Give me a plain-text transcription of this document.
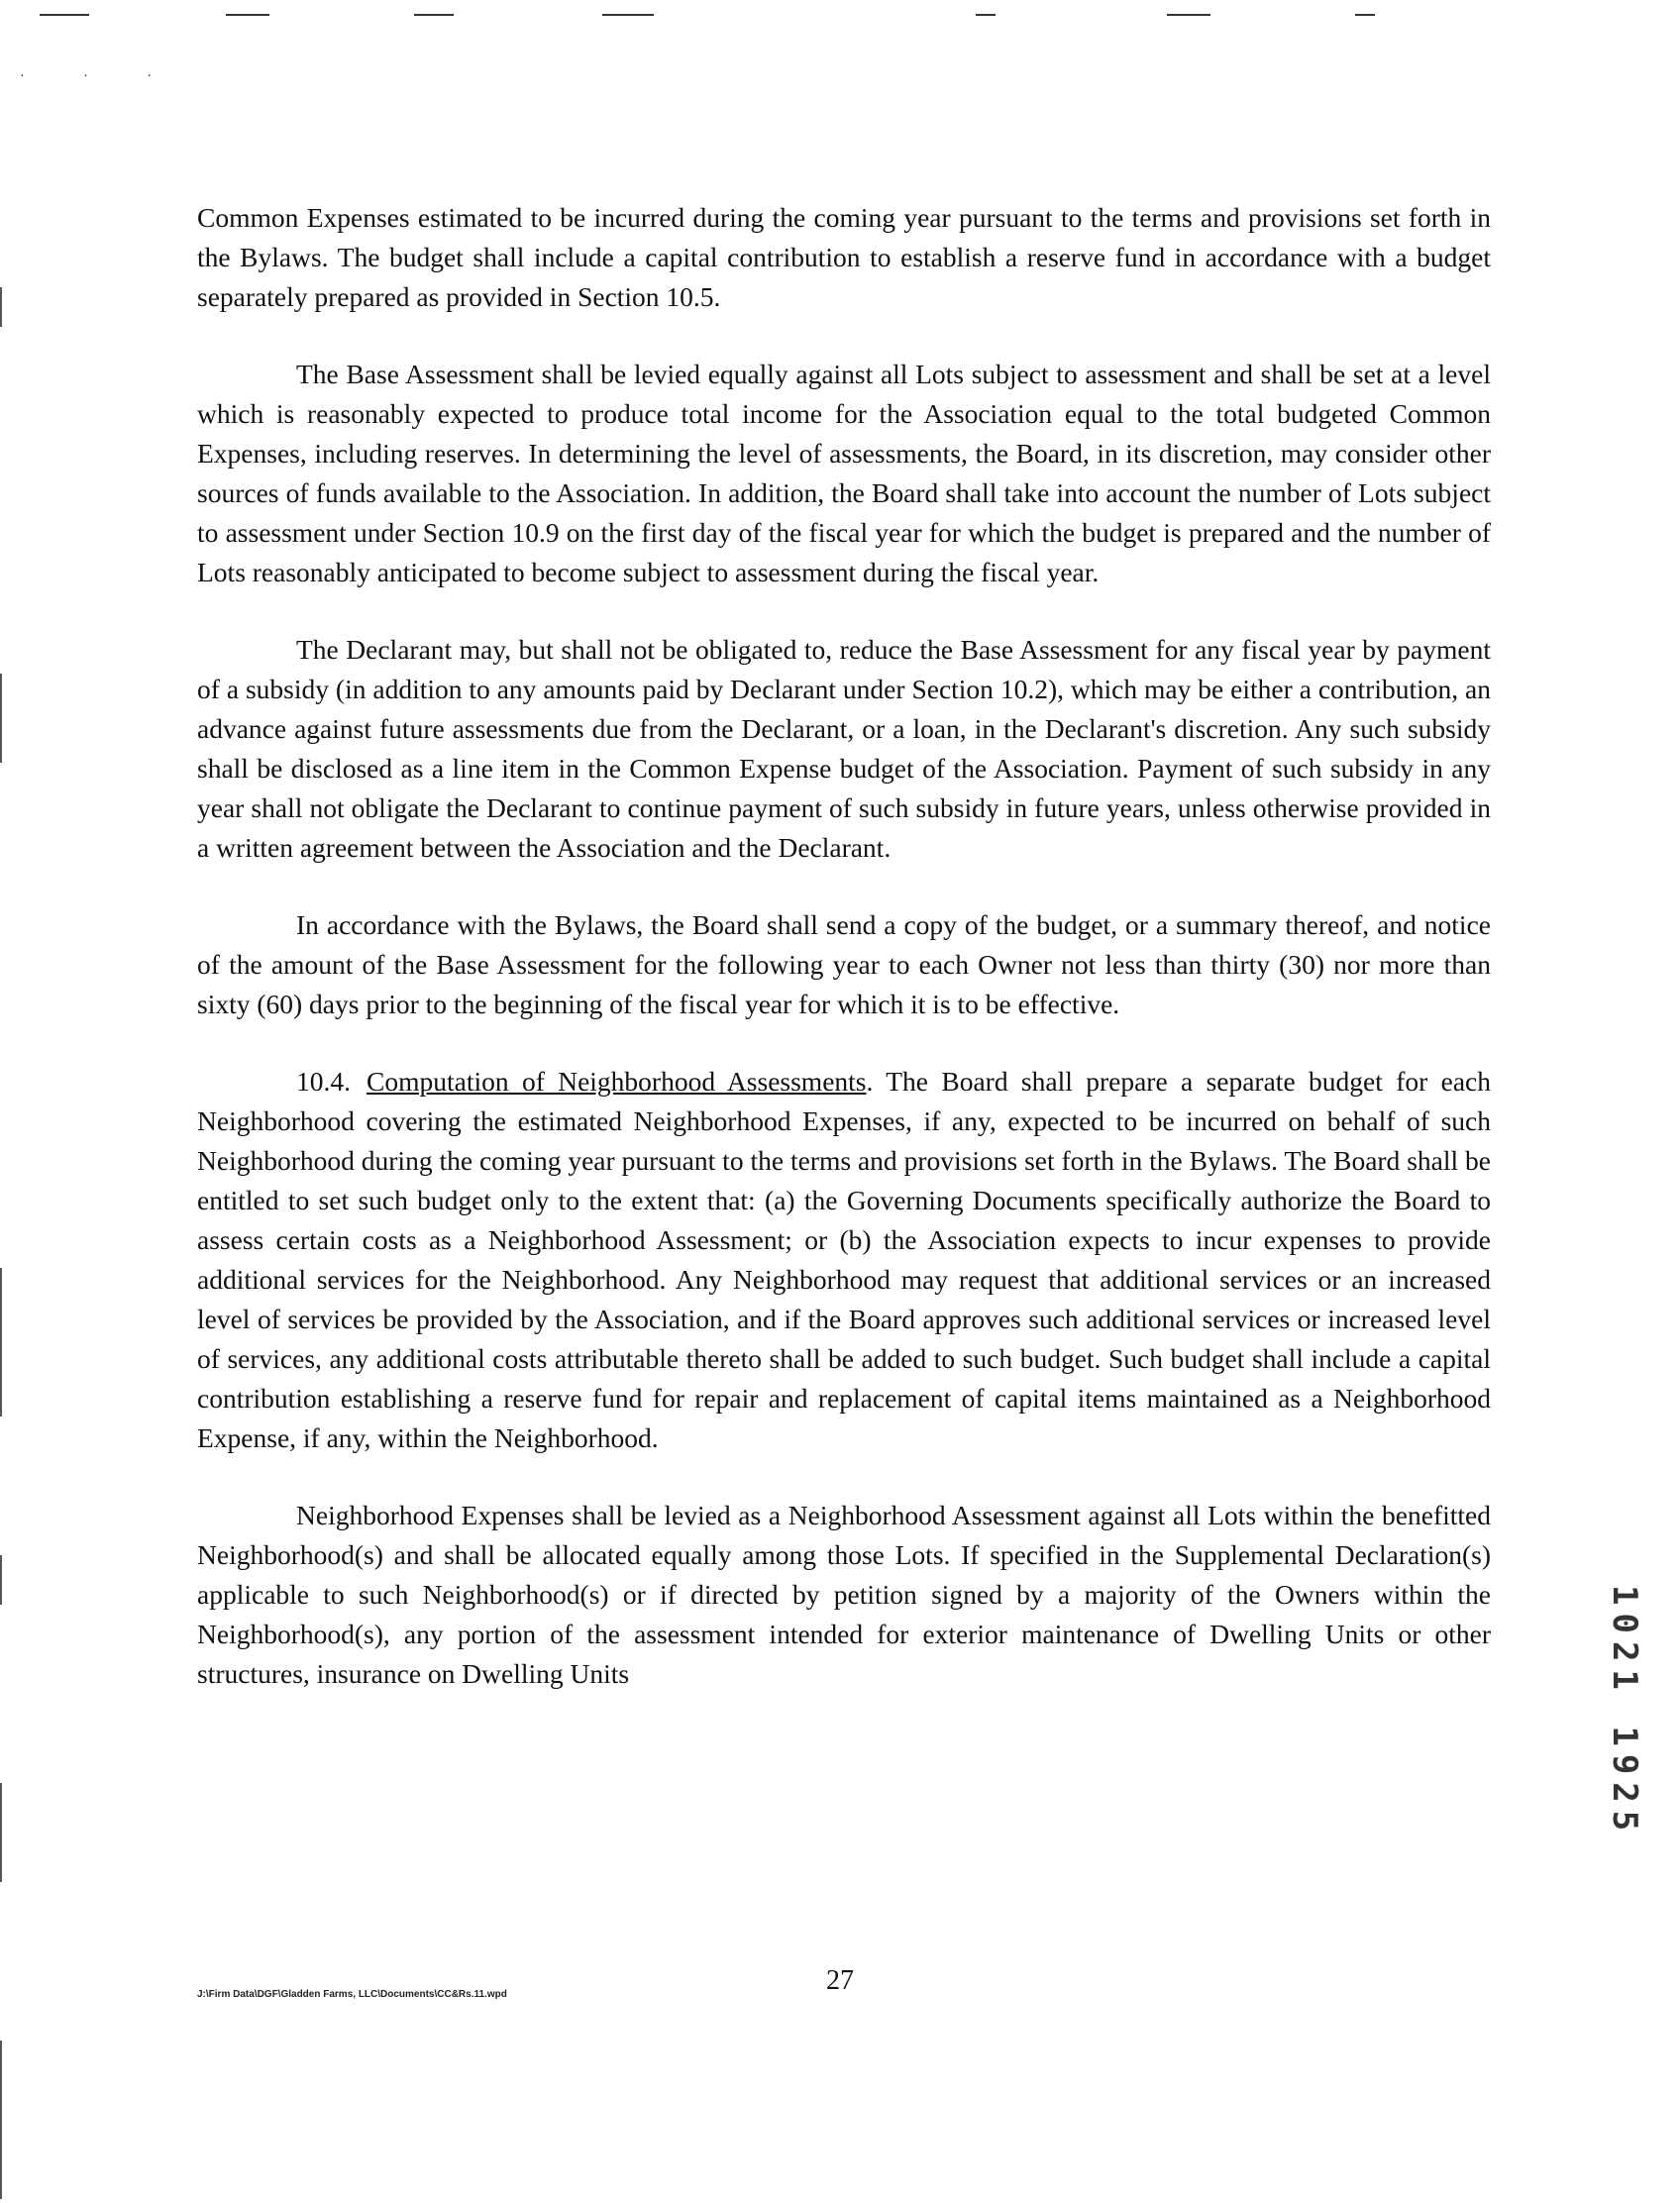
· · ·

Common Expenses estimated to be incurred during the coming year pursuant to the terms and provisions set forth in the Bylaws. The budget shall include a capital contribution to establish a reserve fund in accordance with a budget separately prepared as provided in Section 10.5.

The Base Assessment shall be levied equally against all Lots subject to assessment and shall be set at a level which is reasonably expected to produce total income for the Association equal to the total budgeted Common Expenses, including reserves. In determining the level of assessments, the Board, in its discretion, may consider other sources of funds available to the Association. In addition, the Board shall take into account the number of Lots subject to assessment under Section 10.9 on the first day of the fiscal year for which the budget is prepared and the number of Lots reasonably anticipated to become subject to assessment during the fiscal year.

The Declarant may, but shall not be obligated to, reduce the Base Assessment for any fiscal year by payment of a subsidy (in addition to any amounts paid by Declarant under Section 10.2), which may be either a contribution, an advance against future assessments due from the Declarant, or a loan, in the Declarant's discretion. Any such subsidy shall be disclosed as a line item in the Common Expense budget of the Association. Payment of such subsidy in any year shall not obligate the Declarant to continue payment of such subsidy in future years, unless otherwise provided in a written agreement between the Association and the Declarant.

In accordance with the Bylaws, the Board shall send a copy of the budget, or a summary thereof, and notice of the amount of the Base Assessment for the following year to each Owner not less than thirty (30) nor more than sixty (60) days prior to the beginning of the fiscal year for which it is to be effective.

10.4. Computation of Neighborhood Assessments. The Board shall prepare a separate budget for each Neighborhood covering the estimated Neighborhood Expenses, if any, expected to be incurred on behalf of such Neighborhood during the coming year pursuant to the terms and provisions set forth in the Bylaws. The Board shall be entitled to set such budget only to the extent that: (a) the Governing Documents specifically authorize the Board to assess certain costs as a Neighborhood Assessment; or (b) the Association expects to incur expenses to provide additional services for the Neighborhood. Any Neighborhood may request that additional services or an increased level of services be provided by the Association, and if the Board approves such additional services or increased level of services, any additional costs attributable thereto shall be added to such budget. Such budget shall include a capital contribution establishing a reserve fund for repair and replacement of capital items maintained as a Neighborhood Expense, if any, within the Neighborhood.

Neighborhood Expenses shall be levied as a Neighborhood Assessment against all Lots within the benefitted Neighborhood(s) and shall be allocated equally among those Lots. If specified in the Supplemental Declaration(s) applicable to such Neighborhood(s) or if directed by petition signed by a majority of the Owners within the Neighborhood(s), any portion of the assessment intended for exterior maintenance of Dwelling Units or other structures, insurance on Dwelling Units

27
J:\Firm Data\DGF\Gladden Farms, LLC\Documents\CC&Rs.11.wpd
1021 1925
